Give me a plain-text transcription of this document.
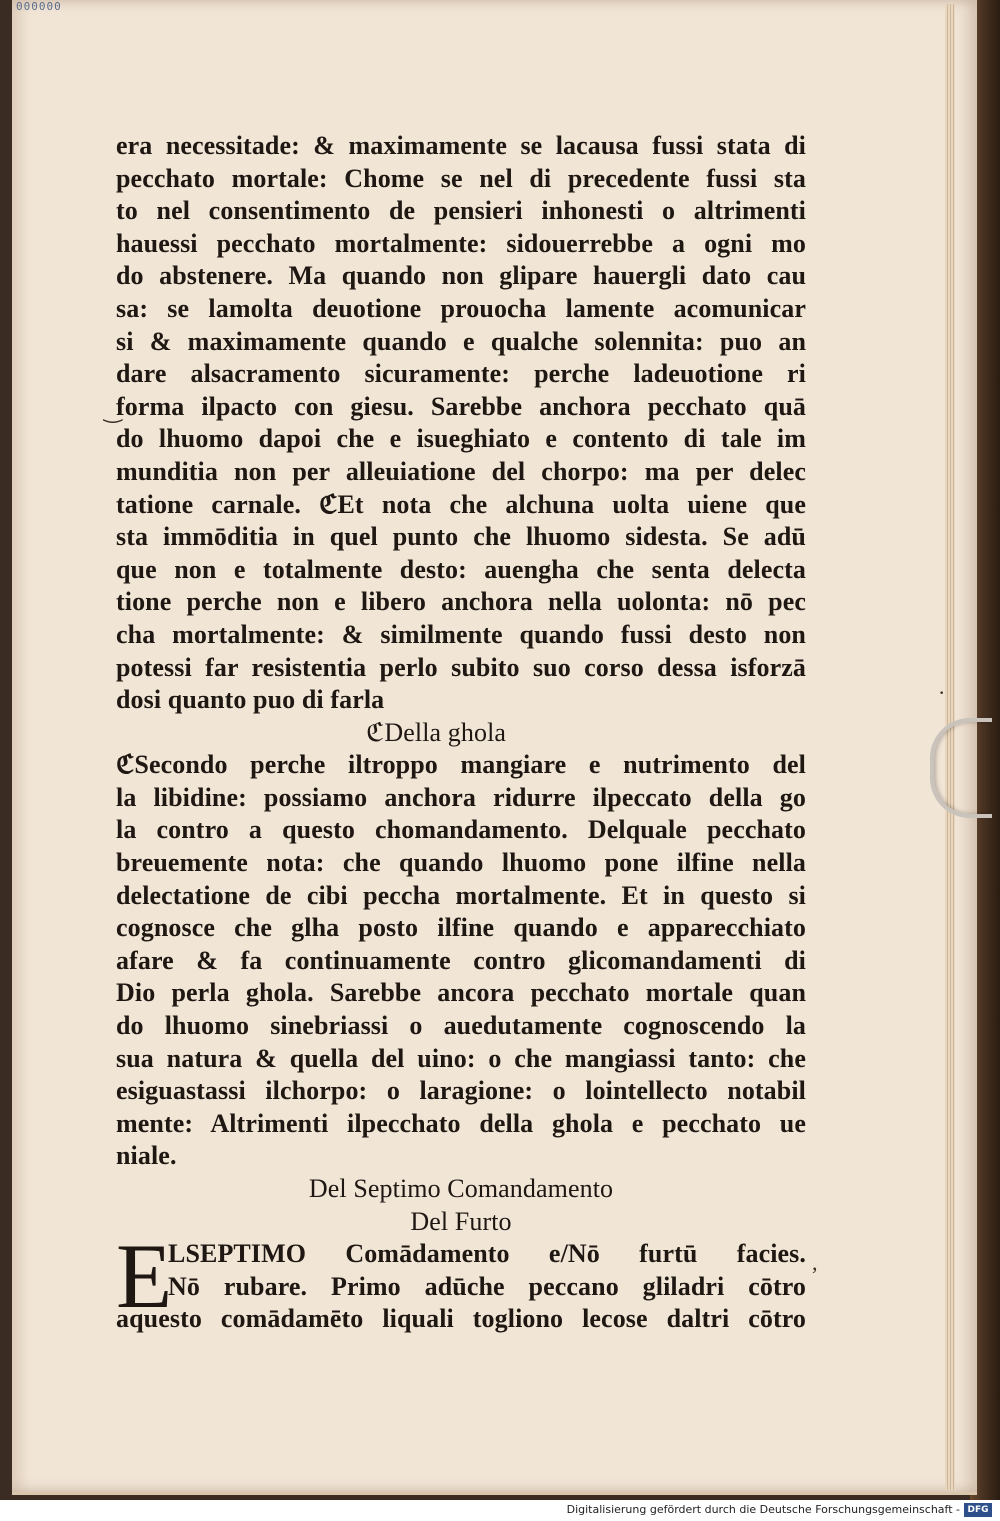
000000
era necessitade: & maximamente se lacausa fussi stata di
pecchato mortale: Chome se nel di precedente fussi sta
to nel consentimento de pensieri inhonesti o altrimenti
hauessi pecchato mortalmente: sidouerrebbe a ogni mo
do abstenere. Ma quando non glipare hauergli dato cau
sa: se lamolta deuotione prouocha lamente acomunicar
si & maximamente quando e qualche solennita: puo an
dare alsacramento sicuramente: perche ladeuotione ri
forma ilpacto con giesu. Sarebbe anchora pecchato quā
do lhuomo dapoi che e isueghiato e contento di tale im
munditia non per alleuiatione del chorpo: ma per delec
tatione carnale. ℭEt nota che alchuna uolta uiene que
sta immōditia in quel punto che lhuomo sidesta. Se adū
que non e totalmente desto: auengha che senta delecta
tione perche non e libero anchora nella uolonta: nō pec
cha mortalmente: & similmente quando fussi desto non
potessi far resistentia perlo subito suo corso dessa isforzā
dosi quanto puo di farla
ℭDella ghola
ℭSecondo perche iltroppo mangiare e nutrimento del
la libidine: possiamo anchora ridurre ilpeccato della go
la contro a questo chomandamento. Delquale pecchato
breuemente nota: che quando lhuomo pone ilfine nella
delectatione de cibi peccha mortalmente. Et in questo si
cognosce che glha posto ilfine quando e apparecchiato
afare & fa continuamente contro glicomandamenti di
Dio perla ghola. Sarebbe ancora pecchato mortale quan
do lhuomo sinebriassi o auedutamente cognoscendo la
sua natura & quella del uino: o che mangiassi tanto: che
esiguastassi ilchorpo: o laragione: o lointellecto notabil
mente: Altrimenti ilpecchato della ghola e pecchato ue
niale.
Del Septimo Comandamento
Del Furto
E
LSEPTIMO Comādamento e/Nō furtū facies.
Nō rubare. Primo adūche peccano gliladri cōtro
aquesto comādamēto liquali togliono lecose daltri cōtro
‿
·
,
Digitalisierung gefördert durch die Deutsche Forschungsgemeinschaft - DFG
